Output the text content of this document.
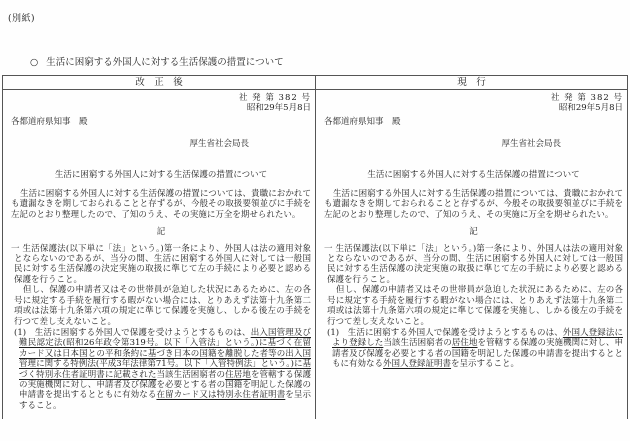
(別紙)
○ 生活に困窮する外国人に対する生活保護の措置について
改　正　後
社 発 第 382 号
昭和29年5月8日
各都道府県知事　殿
厚生省社会局長
生活に困窮する外国人に対する生活保護の措置について
生活に困窮する外国人に対する生活保護の措置については、貴職におかれても遺漏なきを期しておられることと存ずるが、今般その取扱要領並びに手続を左記のとおり整理したので、了知のうえ、その実施に万全を期せられたい。
記
一 生活保護法(以下単に「法」という。)第一条により、外国人は法の適用対象とならないのであるが、当分の間、生活に困窮する外国人に対しては一般国民に対する生活保護の決定実施の取扱に準じて左の手続により必要と認める保護を行うこと。
但し、保護の申請者又はその世帯員が急迫した状況にあるために、左の各号に規定する手続を履行する暇がない場合には、とりあえず法第十九条第二項或は法第十九条第六項の規定に準じて保護を実施し、しかる後左の手続を行つて差し支えないこと。
(1)　生活に困窮する外国人で保護を受けようとするものは、出入国管理及び難民認定法(昭和26年政令第319号。以下「入管法」という。)に基づく在留カード又は日本国との平和条約に基づき日本の国籍を離脱した者等の出入国管理に関する特例法(平成3年法律第71号。以下「入管特例法」という。)に基づく特別永住者証明書に記載された当該生活困窮者の住居地を管轄する保護の実施機関に対し、申請者及び保護を必要とする者の国籍を明記した保護の申請書を提出するとともに有効なる在留カード又は特別永住者証明書を呈示すること。
現　行
社 発 第 382 号
昭和29年5月8日
各都道府県知事　殿
厚生省社会局長
生活に困窮する外国人に対する生活保護の措置について
生活に困窮する外国人に対する生活保護の措置については、貴職におかれても遺漏なきを期しておられることと存ずるが、今般その取扱要領並びに手続を左記のとおり整理したので、了知のうえ、その実施に万全を期せられたい。
記
一 生活保護法(以下単に「法」という。)第一条により、外国人は法の適用対象とならないのであるが、当分の間、生活に困窮する外国人に対しては一般国民に対する生活保護の決定実施の取扱に準じて左の手続により必要と認める保護を行うこと。
但し、保護の申請者又はその世帯員が急迫した状況にあるために、左の各号に規定する手続を履行する暇がない場合には、とりあえず法第十九条第二項或は法第十九条第六項の規定に準じて保護を実施し、しかる後左の手続を行つて差し支えないこと。
(1)　生活に困窮する外国人で保護を受けようとするものは、外国人登録法により登録した当該生活困窮者の居住地を管轄する保護の実施機関に対し、申請者及び保護を必要とする者の国籍を明記した保護の申請書を提出するとともに有効なる外国人登録証明書を呈示すること。
